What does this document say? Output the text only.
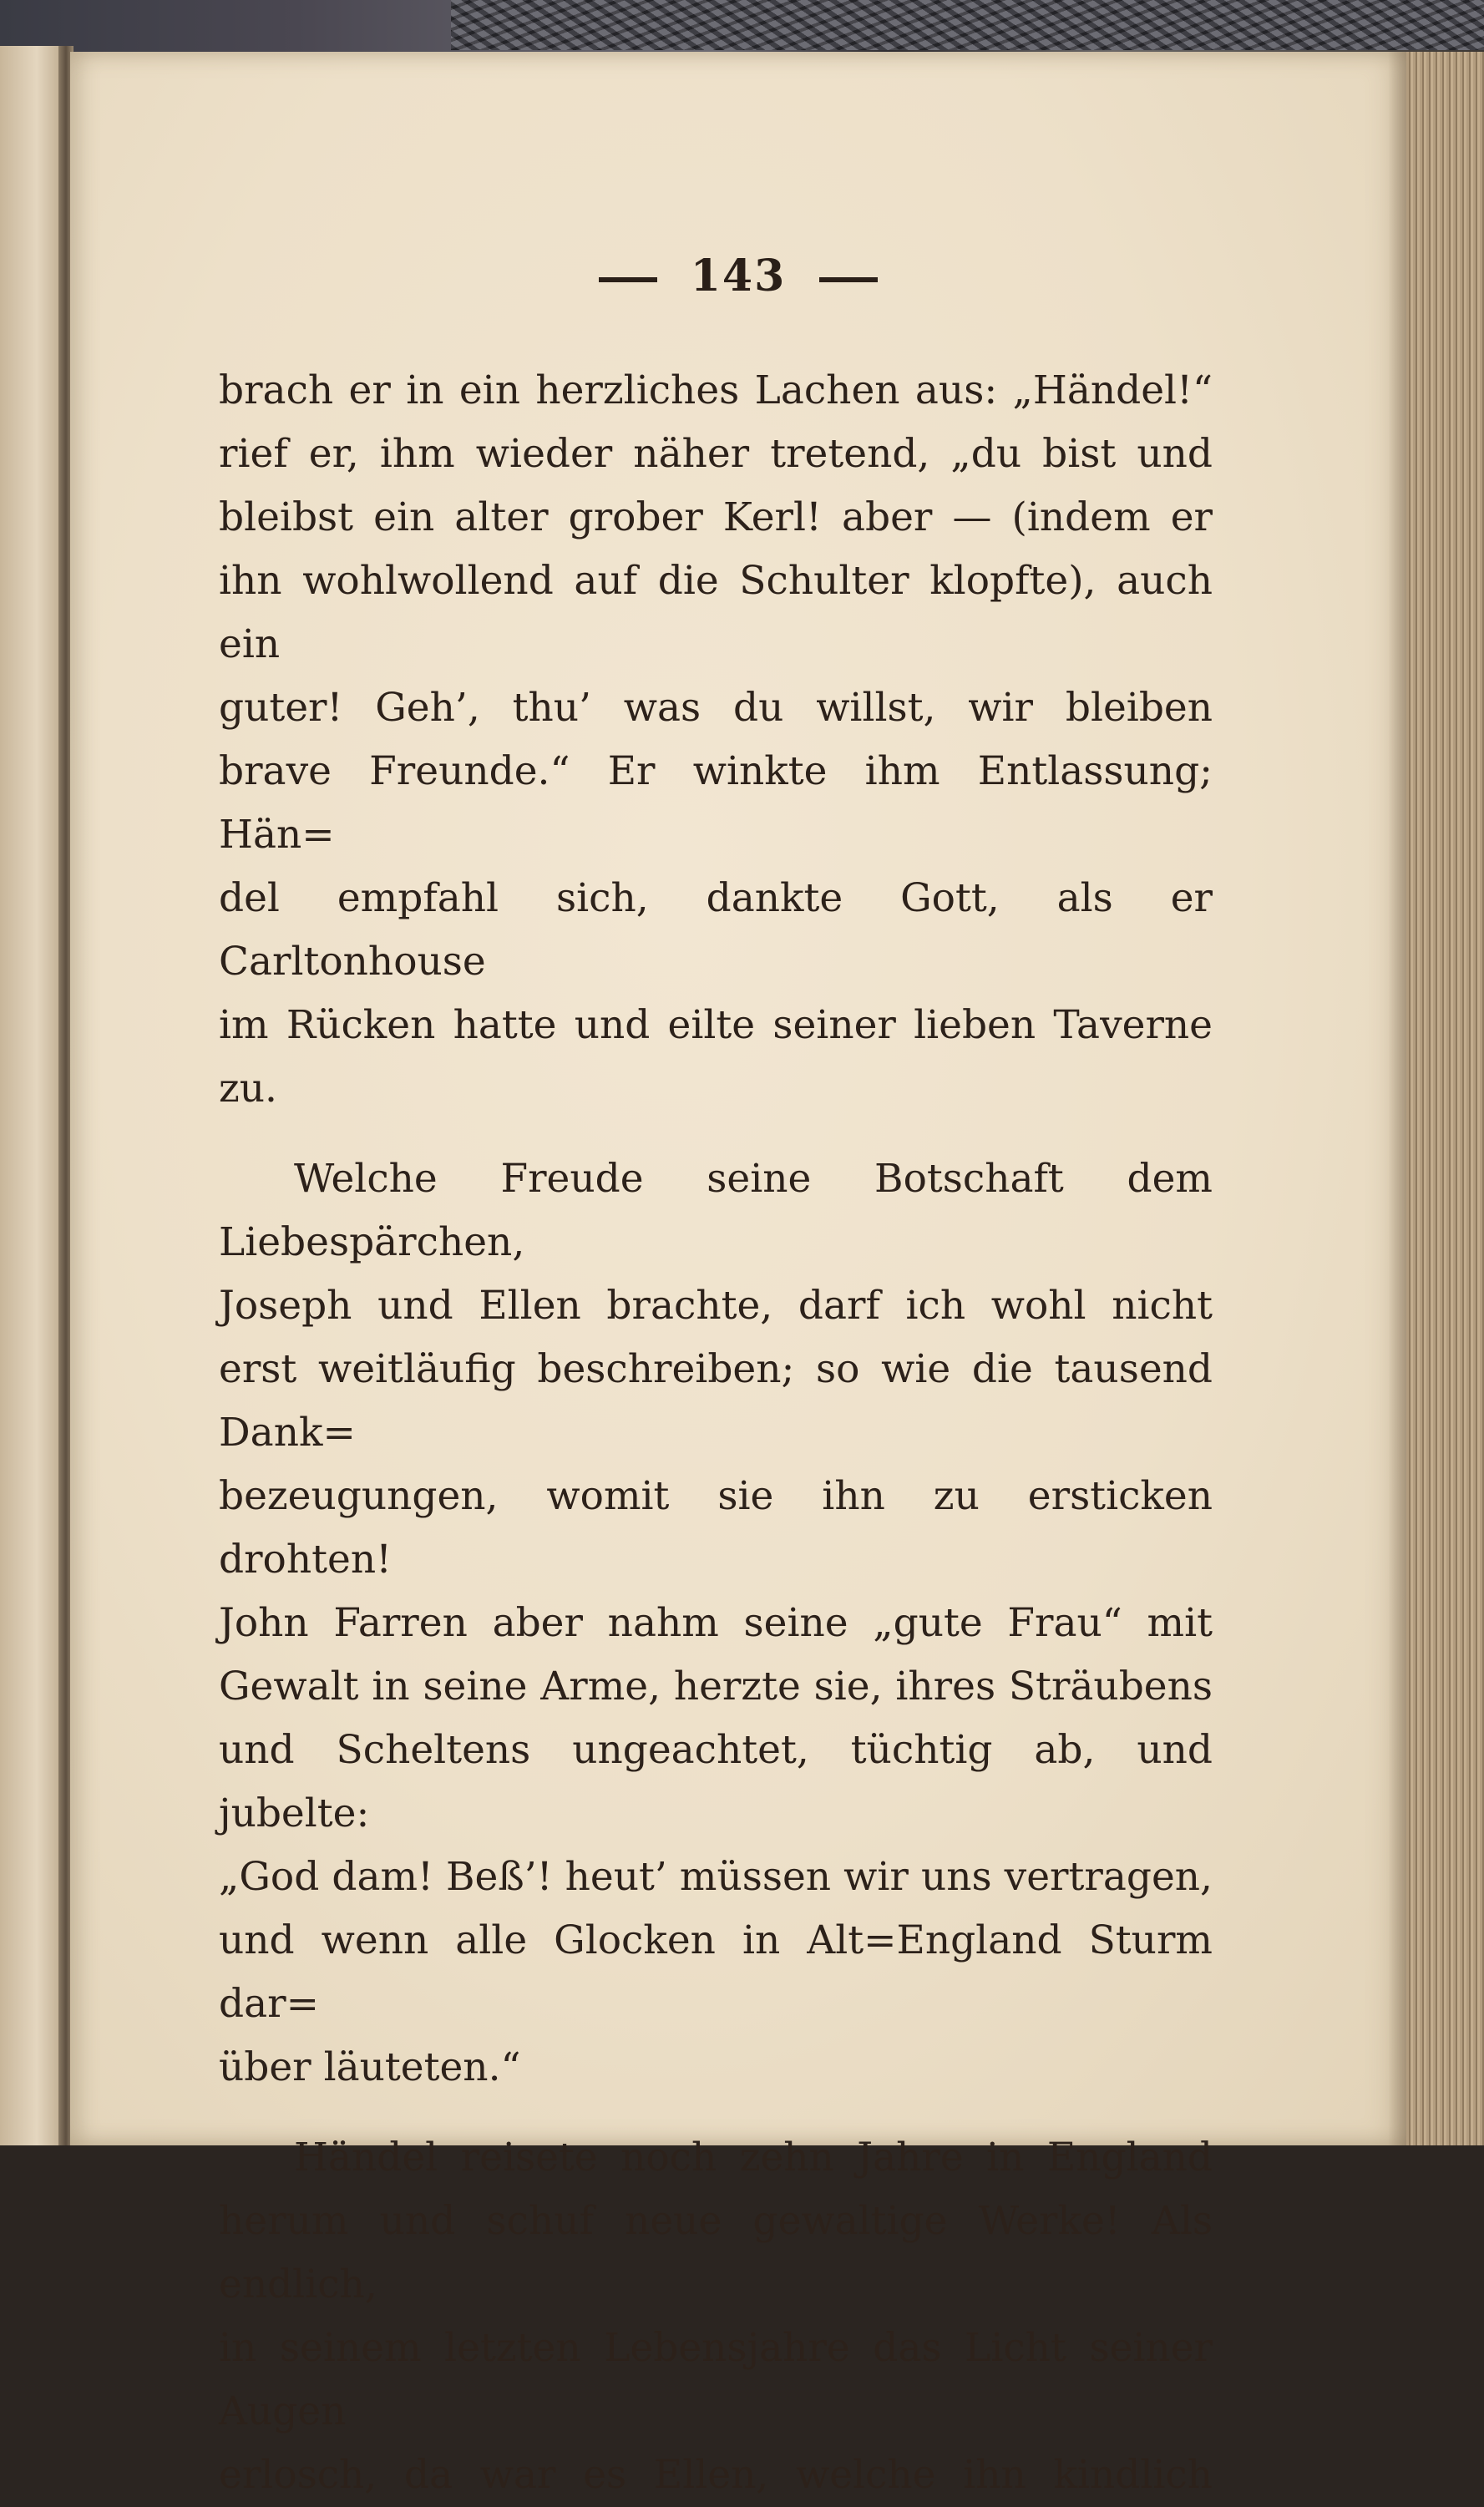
143

brach er in ein herzliches Lachen aus: „Händel!“

rief er, ihm wieder näher tretend, „du bist und

bleibst ein alter grober Kerl! aber — (indem er

ihn wohlwollend auf die Schulter klopfte), auch ein

guter! Geh’, thu’ was du willst, wir bleiben

brave Freunde.“ Er winkte ihm Entlassung; Hän=

del empfahl sich, dankte Gott, als er Carltonhouse

im Rücken hatte und eilte seiner lieben Taverne zu.

Welche Freude seine Botschaft dem Liebespärchen,

Joseph und Ellen brachte, darf ich wohl nicht

erst weitläufig beschreiben; so wie die tausend Dank=

bezeugungen, womit sie ihn zu ersticken drohten!

John Farren aber nahm seine „gute Frau“ mit

Gewalt in seine Arme, herzte sie, ihres Sträubens

und Scheltens ungeachtet, tüchtig ab, und jubelte:

„God dam! Beß’! heut’ müssen wir uns vertragen,

und wenn alle Glocken in Alt=England Sturm dar=

über läuteten.“

Händel reisete noch zehn Jahre in England

herum und schuf neue gewaltige Werke! Als endlich,

in seinem letzten Lebensjahre das Licht seiner Augen

erlosch, da war es Ellen, welche ihn kindlich
